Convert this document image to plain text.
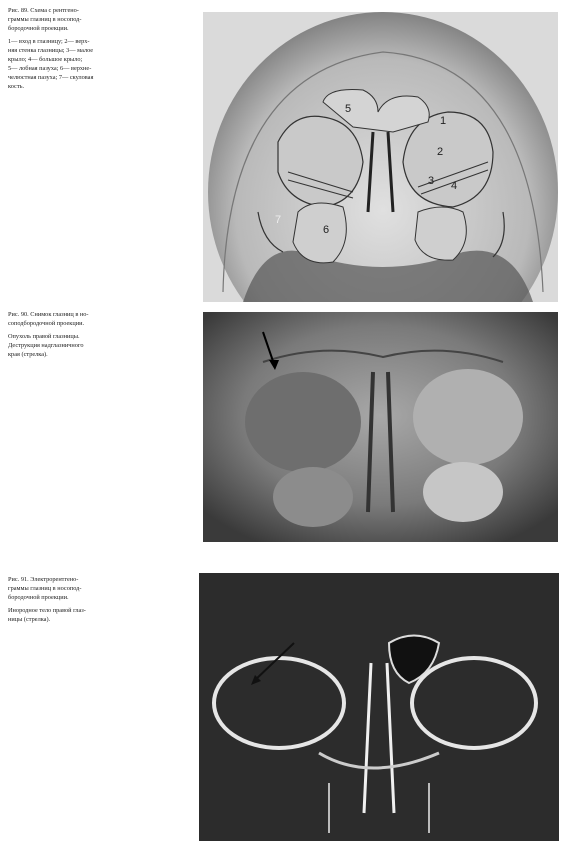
Рис. 89. Схема с рентгено-
граммы глазниц в носопод-
бородочной проекции.

1— вход в глазницу; 2— верх-
няя стенка глазницы; 3— малое
крыло; 4— большое крыло;
5— лобная пазуха; 6— верхне-
челюстная пазуха; 7— скуловая
кость.

1
2
3 4
5
6
7

Рис. 90. Снимок глазниц в но-
соподбородочной проекции.

Опухоль правой глазницы.
Деструкция надглазничного
края (стрелка).

Рис. 91. Электрорентгено-
граммы глазниц в носопод-
бородочной проекции.

Инородное тело правой глаз-
ницы (стрелка).
